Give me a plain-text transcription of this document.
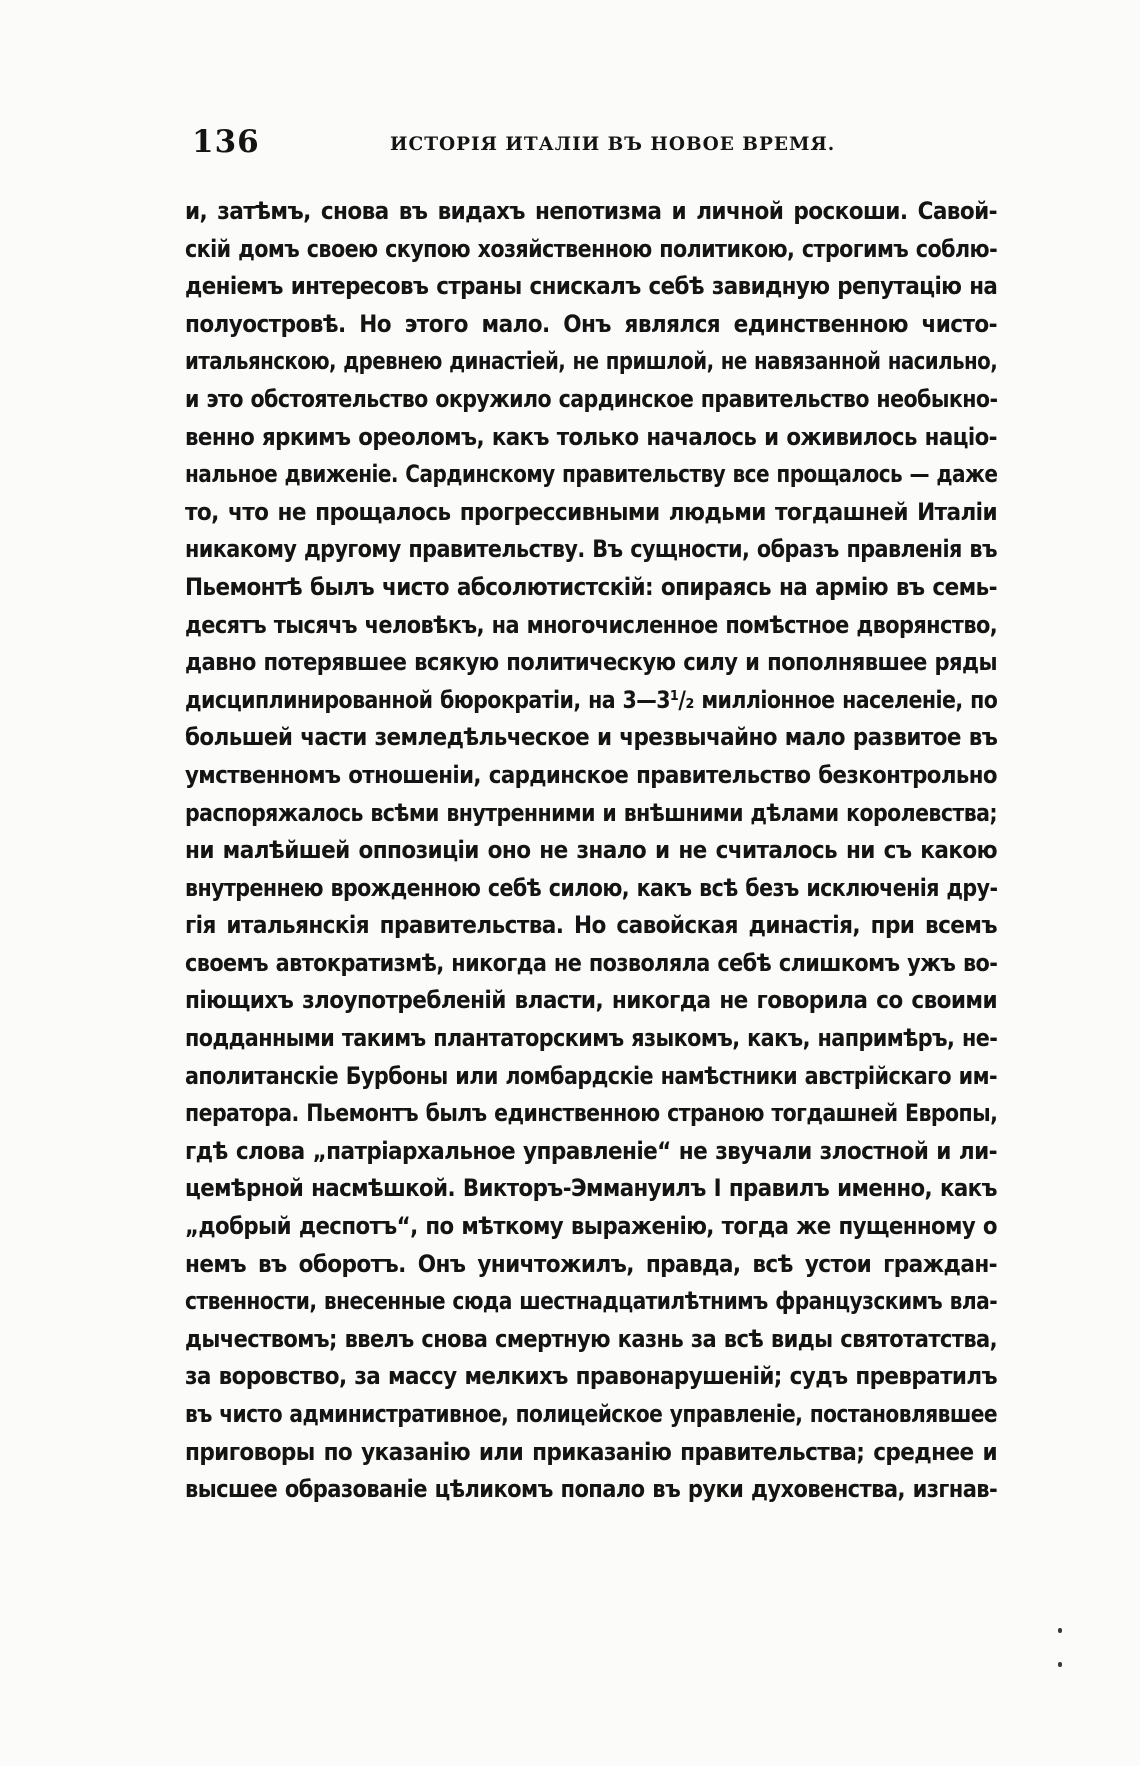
136	ИСТОРІЯ ИТАЛІИ ВЪ НОВОЕ ВРЕМЯ.
и, затѣмъ, снова въ видахъ непотизма и личной роскоши. Савой-
скій домъ своею скупою хозяйственною политикою, строгимъ соблю-
деніемъ интересовъ страны снискалъ себѣ завидную репутацію на
полуостровѣ. Но этого мало. Онъ являлся единственною чисто-
итальянскою, древнею династіей, не пришлой, не навязанной насильно,
и это обстоятельство окружило сардинское правительство необыкно-
венно яркимъ ореоломъ, какъ только началось и оживилось націо-
нальное движеніе. Сардинскому правительству все прощалось — даже
то, что не прощалось прогрессивными людьми тогдашней Италіи
никакому другому правительству. Въ сущности, образъ правленія въ
Пьемонтѣ былъ чисто абсолютистскій: опираясь на армію въ семь-
десятъ тысячъ человѣкъ, на многочисленное помѣстное дворянство,
давно потерявшее всякую политическую силу и пополнявшее ряды
дисциплинированной бюрократіи, на 3—3¹/₂ милліонное населеніе, по
большей части земледѣльческое и чрезвычайно мало развитое въ
умственномъ отношеніи, сардинское правительство безконтрольно
распоряжалось всѣми внутренними и внѣшними дѣлами королевства;
ни малѣйшей оппозиціи оно не знало и не считалось ни съ какою
внутреннею врожденною себѣ силою, какъ всѣ безъ исключенія дру-
гія итальянскія правительства. Но савойская династія, при всемъ
своемъ автократизмѣ, никогда не позволяла себѣ слишкомъ ужъ во-
піющихъ злоупотребленій власти, никогда не говорила со своими
подданными такимъ плантаторскимъ языкомъ, какъ, напримѣръ, не-
аполитанскіе Бурбоны или ломбардскіе намѣстники австрійскаго им-
ператора. Пьемонтъ былъ единственною страною тогдашней Европы,
гдѣ слова „патріархальное управленіе“ не звучали злостной и ли-
цемѣрной насмѣшкой. Викторъ-Эммануилъ I правилъ именно, какъ
„добрый деспотъ“, по мѣткому выраженію, тогда же пущенному о
немъ въ оборотъ. Онъ уничтожилъ, правда, всѣ устои граждан-
ственности, внесенные сюда шестнадцатилѣтнимъ французскимъ вла-
дычествомъ; ввелъ снова смертную казнь за всѣ виды святотатства,
за воровство, за массу мелкихъ правонарушеній; судъ превратилъ
въ чисто административное, полицейское управленіе, постановлявшее
приговоры по указанію или приказанію правительства; среднее и
высшее образованіе цѣликомъ попало въ руки духовенства, изгнав-
